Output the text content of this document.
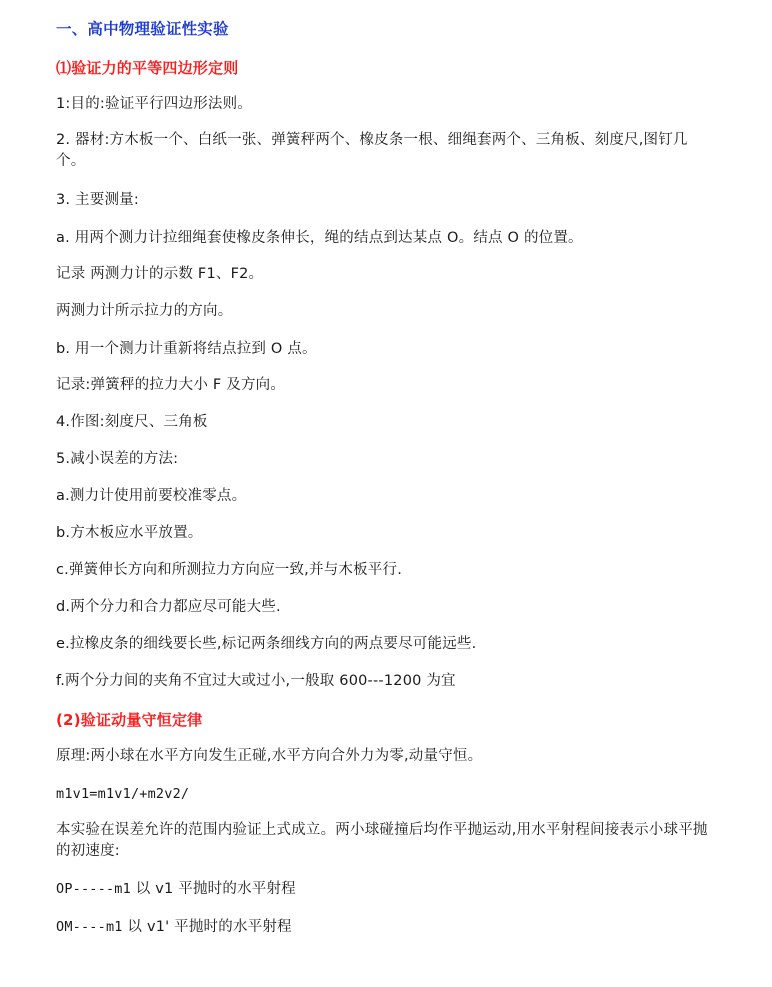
一、高中物理验证性实验
⑴验证力的平等四边形定则
1:目的:验证平行四边形法则。
2. 器材:方木板一个、白纸一张、弹簧秤两个、橡皮条一根、细绳套两个、三角板、刻度尺,图钉几个。
3. 主要测量:
a. 用两个测力计拉细绳套使橡皮条伸长，绳的结点到达某点 O。结点 O 的位置。
记录 两测力计的示数 F1、F2。
两测力计所示拉力的方向。
b. 用一个测力计重新将结点拉到 O 点。
记录:弹簧秤的拉力大小 F 及方向。
4.作图:刻度尺、三角板
5.减小误差的方法:
a.测力计使用前要校准零点。
b.方木板应水平放置。
c.弹簧伸长方向和所测拉力方向应一致,并与木板平行.
d.两个分力和合力都应尽可能大些.
e.拉橡皮条的细线要长些,标记两条细线方向的两点要尽可能远些.
f.两个分力间的夹角不宜过大或过小,一般取 600---1200 为宜
(2)验证动量守恒定律
原理:两小球在水平方向发生正碰,水平方向合外力为零,动量守恒。
m1v1=m1v1/+m2v2/
本实验在误差允许的范围内验证上式成立。两小球碰撞后均作平抛运动,用水平射程间接表示小球平抛的初速度:
OP-----m1 以 v1 平抛时的水平射程
OM----m1 以 v1' 平抛时的水平射程
